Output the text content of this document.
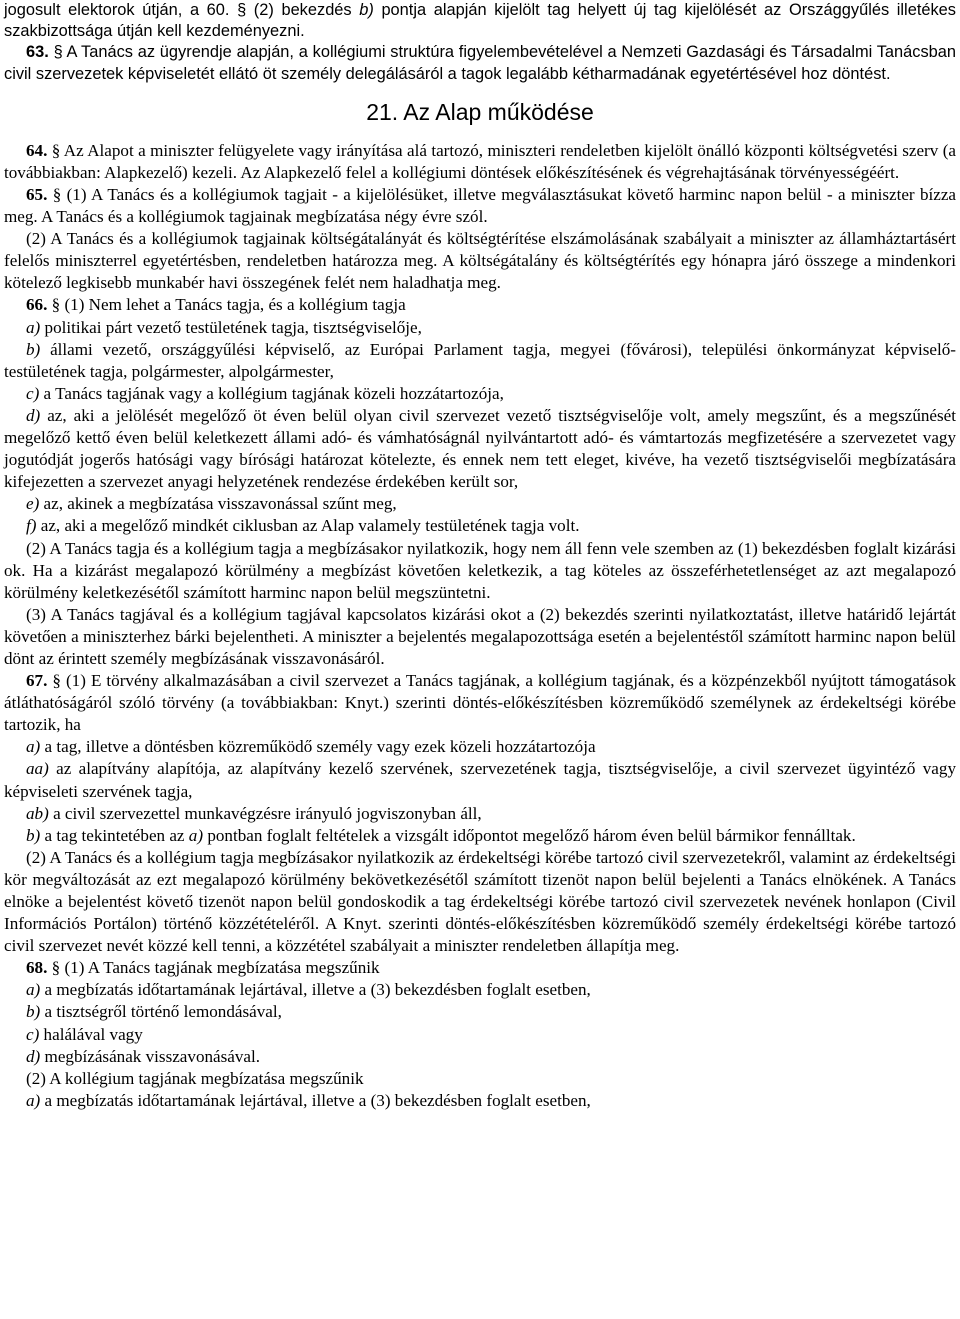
jogosult elektorok útján, a 60. § (2) bekezdés b) pontja alapján kijelölt tag helyett új tag kijelölését az Országgyűlés illetékes szakbizottsága útján kell kezdeményezni.

63. § A Tanács az ügyrendje alapján, a kollégiumi struktúra figyelembevételével a Nemzeti Gazdasági és Társadalmi Tanácsban civil szervezetek képviseletét ellátó öt személy delegálásáról a tagok legalább kétharmadának egyetértésével hoz döntést.

21. Az Alap működése

64. § Az Alapot a miniszter felügyelete vagy irányítása alá tartozó, miniszteri rendeletben kijelölt önálló központi költségvetési szerv (a továbbiakban: Alapkezelő) kezeli. Az Alapkezelő felel a kollégiumi döntések előkészítésének és végrehajtásának törvényességéért.

65. § (1) A Tanács és a kollégiumok tagjait - a kijelölésüket, illetve megválasztásukat követő harminc napon belül - a miniszter bízza meg. A Tanács és a kollégiumok tagjainak megbízatása négy évre szól.

(2) A Tanács és a kollégiumok tagjainak költségátalányát és költségtérítése elszámolásának szabályait a miniszter az államháztartásért felelős miniszterrel egyetértésben, rendeletben határozza meg. A költségátalány és költségtérítés egy hónapra járó összege a mindenkori kötelező legkisebb munkabér havi összegének felét nem haladhatja meg.

66. § (1) Nem lehet a Tanács tagja, és a kollégium tagja

a) politikai párt vezető testületének tagja, tisztségviselője,

b) állami vezető, országgyűlési képviselő, az Európai Parlament tagja, megyei (fővárosi), települési önkormányzat képviselő-testületének tagja, polgármester, alpolgármester,

c) a Tanács tagjának vagy a kollégium tagjának közeli hozzátartozója,

d) az, aki a jelölését megelőző öt éven belül olyan civil szervezet vezető tisztségviselője volt, amely megszűnt, és a megszűnését megelőző kettő éven belül keletkezett állami adó- és vámhatóságnál nyilvántartott adó- és vámtartozás megfizetésére a szervezetet vagy jogutódját jogerős hatósági vagy bírósági határozat kötelezte, és ennek nem tett eleget, kivéve, ha vezető tisztségviselői megbízatására kifejezetten a szervezet anyagi helyzetének rendezése érdekében került sor,

e) az, akinek a megbízatása visszavonással szűnt meg,

f) az, aki a megelőző mindkét ciklusban az Alap valamely testületének tagja volt.

(2) A Tanács tagja és a kollégium tagja a megbízásakor nyilatkozik, hogy nem áll fenn vele szemben az (1) bekezdésben foglalt kizárási ok. Ha a kizárást megalapozó körülmény a megbízást követően keletkezik, a tag köteles az összeférhetetlenséget az azt megalapozó körülmény keletkezésétől számított harminc napon belül megszüntetni.

(3) A Tanács tagjával és a kollégium tagjával kapcsolatos kizárási okot a (2) bekezdés szerinti nyilatkoztatást, illetve határidő lejártát követően a miniszterhez bárki bejelentheti. A miniszter a bejelentés megalapozottsága esetén a bejelentéstől számított harminc napon belül dönt az érintett személy megbízásának visszavonásáról.

67. § (1) E törvény alkalmazásában a civil szervezet a Tanács tagjának, a kollégium tagjának, és a közpénzekből nyújtott támogatások átláthatóságáról szóló törvény (a továbbiakban: Knyt.) szerinti döntés-előkészítésben közreműködő személynek az érdekeltségi körébe tartozik, ha

a) a tag, illetve a döntésben közreműködő személy vagy ezek közeli hozzátartozója

aa) az alapítvány alapítója, az alapítvány kezelő szervének, szervezetének tagja, tisztségviselője, a civil szervezet ügyintéző vagy képviseleti szervének tagja,

ab) a civil szervezettel munkavégzésre irányuló jogviszonyban áll,

b) a tag tekintetében az a) pontban foglalt feltételek a vizsgált időpontot megelőző három éven belül bármikor fennálltak.

(2) A Tanács és a kollégium tagja megbízásakor nyilatkozik az érdekeltségi körébe tartozó civil szervezetekről, valamint az érdekeltségi kör megváltozását az ezt megalapozó körülmény bekövetkezésétől számított tizenöt napon belül bejelenti a Tanács elnökének. A Tanács elnöke a bejelentést követő tizenöt napon belül gondoskodik a tag érdekeltségi körébe tartozó civil szervezetek nevének honlapon (Civil Információs Portálon) történő közzétételéről. A Knyt. szerinti döntés-előkészítésben közreműködő személy érdekeltségi körébe tartozó civil szervezet nevét közzé kell tenni, a közzététel szabályait a miniszter rendeletben állapítja meg.

68. § (1) A Tanács tagjának megbízatása megszűnik

a) a megbízatás időtartamának lejártával, illetve a (3) bekezdésben foglalt esetben,

b) a tisztségről történő lemondásával,

c) halálával vagy

d) megbízásának visszavonásával.

(2) A kollégium tagjának megbízatása megszűnik

a) a megbízatás időtartamának lejártával, illetve a (3) bekezdésben foglalt esetben,
